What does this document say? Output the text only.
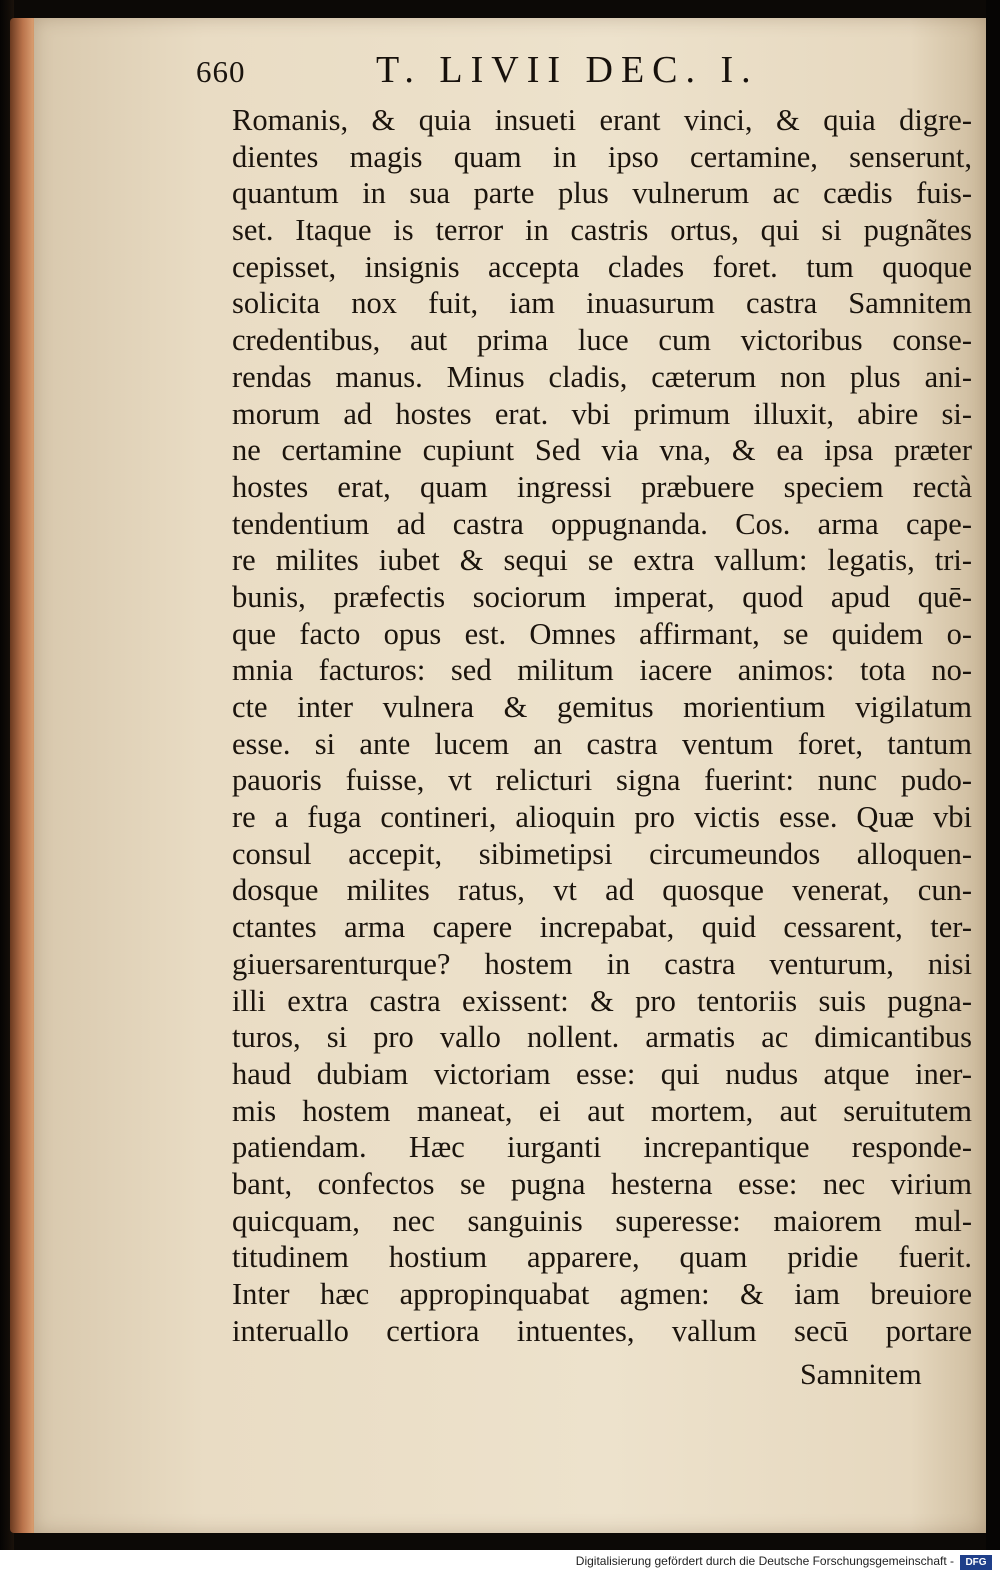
660	T. LIVII DEC. I.
Romanis, & quia insueti erant vinci, & quia digre-
dientes magis quam in ipso certamine, senserunt,
quantum in sua parte plus vulnerum ac cædis fuis-
set. Itaque is terror in castris ortus, qui si pugnãtes
cepisset, insignis accepta clades foret. tum quoque
solicita nox fuit, iam inuasurum castra Samnitem
credentibus, aut prima luce cum victoribus conse-
rendas manus. Minus cladis, cæterum non plus ani-
morum ad hostes erat. vbi primum illuxit, abire si-
ne certamine cupiunt Sed via vna, & ea ipsa præter
hostes erat, quam ingressi præbuere speciem rectà
tendentium ad castra oppugnanda. Cos. arma cape-
re milites iubet & sequi se extra vallum: legatis, tri-
bunis, præfectis sociorum imperat, quod apud quē-
que facto opus est. Omnes affirmant, se quidem o-
mnia facturos: sed militum iacere animos: tota no-
cte inter vulnera & gemitus morientium vigilatum
esse. si ante lucem an castra ventum foret, tantum
pauoris fuisse, vt relicturi signa fuerint: nunc pudo-
re a fuga contineri, alioquin pro victis esse. Quæ vbi
consul accepit, sibimetipsi circumeundos alloquen-
dosque milites ratus, vt ad quosque venerat, cun-
ctantes arma capere increpabat, quid cessarent, ter-
giuersarenturque? hostem in castra venturum, nisi
illi extra castra exissent: & pro tentoriis suis pugna-
turos, si pro vallo nollent. armatis ac dimicantibus
haud dubiam victoriam esse: qui nudus atque iner-
mis hostem maneat, ei aut mortem, aut seruitutem
patiendam. Hæc iurganti increpantique responde-
bant, confectos se pugna hesterna esse: nec virium
quicquam, nec sanguinis superesse: maiorem mul-
titudinem hostium apparere, quam pridie fuerit.
Inter hæc appropinquabat agmen: & iam breuiore
interuallo certiora intuentes, vallum secū portare
Samnitem
Digitalisierung gefördert durch die Deutsche Forschungsgemeinschaft -	DFG
